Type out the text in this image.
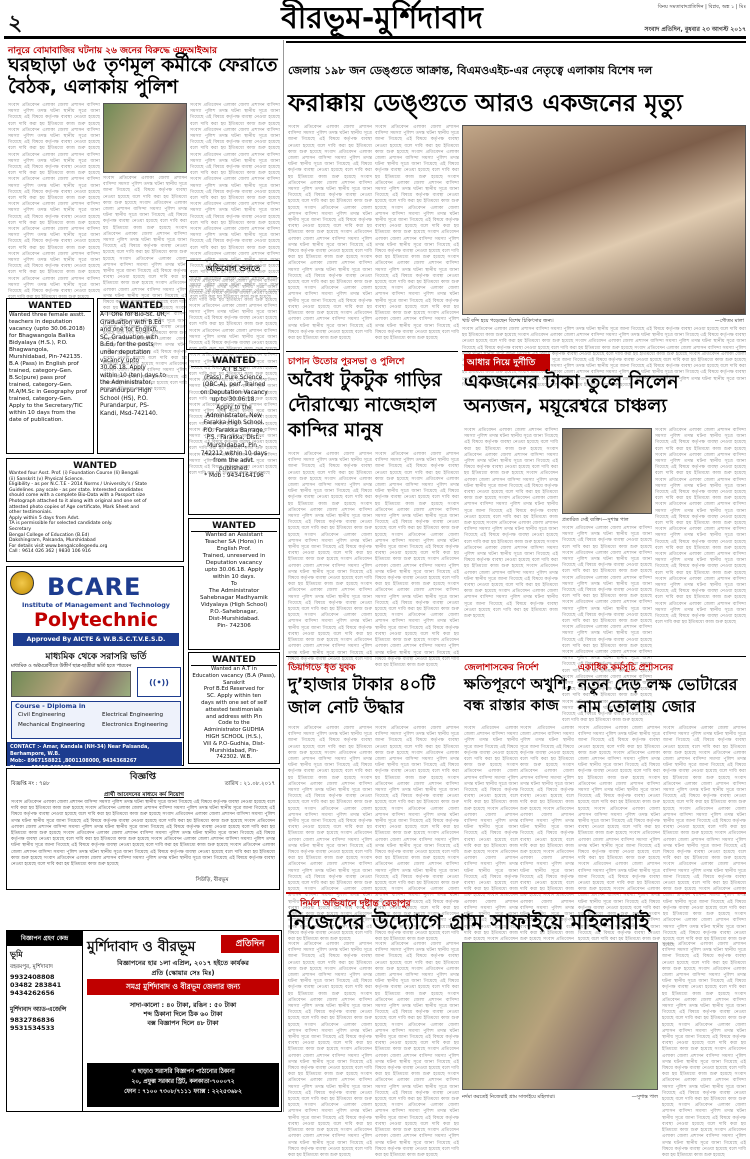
২	বীরভূম-মুর্শিদাবাদ	বিনয় সমতাবাদপ্রতিদিন | বিপ্লব, অঙ্ক ১ | মিঃ
সংবাদ প্রতিদিন, বুধবার ২৩ আগস্ট ২০১৭
নানুরে বোমাবাজির ঘটনায় ২৬ জনের বিরুদ্ধে এফআইআর
ঘরছাড়া ৬৫ তৃণমূল কর্মীকে ফেরাতে বৈঠক, এলাকায় পুলিশ
সংবাদ প্রতিবেদন এলাকা জেলা প্রশাসন বাসিন্দা সমস্যা পুলিশ তদন্ত ঘটনা স্থানীয় সূত্রে জানা গিয়েছে এই বিষয়ে কর্তৃপক্ষ ব্যবস্থা নেওয়া হয়েছে বলে দাবি করা হয় ইতিমধ্যে কাজ শুরু হয়েছে সংবাদ প্রতিবেদন এলাকা জেলা প্রশাসন বাসিন্দা সমস্যা পুলিশ তদন্ত ঘটনা স্থানীয় সূত্রে জানা গিয়েছে এই বিষয়ে কর্তৃপক্ষ ব্যবস্থা নেওয়া হয়েছে বলে দাবি করা হয় ইতিমধ্যে কাজ শুরু হয়েছে সংবাদ প্রতিবেদন এলাকা জেলা প্রশাসন বাসিন্দা সমস্যা পুলিশ তদন্ত ঘটনা স্থানীয় সূত্রে জানা গিয়েছে এই বিষয়ে কর্তৃপক্ষ ব্যবস্থা নেওয়া হয়েছে বলে দাবি করা হয় ইতিমধ্যে কাজ শুরু হয়েছে সংবাদ প্রতিবেদন এলাকা জেলা প্রশাসন বাসিন্দা সমস্যা পুলিশ তদন্ত ঘটনা স্থানীয় সূত্রে জানা গিয়েছে এই বিষয়ে কর্তৃপক্ষ ব্যবস্থা নেওয়া হয়েছে বলে দাবি করা হয় ইতিমধ্যে কাজ শুরু হয়েছে সংবাদ প্রতিবেদন এলাকা জেলা প্রশাসন বাসিন্দা সমস্যা পুলিশ তদন্ত ঘটনা স্থানীয় সূত্রে জানা গিয়েছে এই বিষয়ে কর্তৃপক্ষ ব্যবস্থা নেওয়া হয়েছে বলে দাবি করা হয় ইতিমধ্যে কাজ শুরু হয়েছে সংবাদ প্রতিবেদন এলাকা জেলা প্রশাসন বাসিন্দা সমস্যা পুলিশ তদন্ত ঘটনা স্থানীয় সূত্রে জানা গিয়েছে এই বিষয়ে কর্তৃপক্ষ ব্যবস্থা নেওয়া হয়েছে বলে দাবি করা হয় ইতিমধ্যে কাজ শুরু হয়েছে সংবাদ প্রতিবেদন এলাকা জেলা প্রশাসন বাসিন্দা সমস্যা পুলিশ তদন্ত ঘটনা স্থানীয় সূত্রে জানা গিয়েছে এই বিষয়ে কর্তৃপক্ষ ব্যবস্থা নেওয়া হয়েছে বলে দাবি করা হয় ইতিমধ্যে কাজ শুরু হয়েছে সংবাদ প্রতিবেদন এলাকা জেলা প্রশাসন বাসিন্দা সমস্যা পুলিশ তদন্ত ঘটনা স্থানীয় সূত্রে জানা গিয়েছে এই বিষয়ে কর্তৃপক্ষ ব্যবস্থা নেওয়া হয়েছে বলে দাবি করা হয় ইতিমধ্যে কাজ শুরু হয়েছে
সংবাদ প্রতিবেদন এলাকা জেলা প্রশাসন বাসিন্দা সমস্যা পুলিশ তদন্ত ঘটনা স্থানীয় সূত্রে জানা গিয়েছে এই বিষয়ে কর্তৃপক্ষ ব্যবস্থা নেওয়া হয়েছে বলে দাবি করা হয় ইতিমধ্যে কাজ শুরু হয়েছে সংবাদ প্রতিবেদন এলাকা জেলা প্রশাসন বাসিন্দা সমস্যা পুলিশ তদন্ত ঘটনা স্থানীয় সূত্রে জানা গিয়েছে এই বিষয়ে কর্তৃপক্ষ ব্যবস্থা নেওয়া হয়েছে বলে দাবি করা হয় ইতিমধ্যে কাজ শুরু হয়েছে সংবাদ প্রতিবেদন এলাকা জেলা প্রশাসন বাসিন্দা সমস্যা পুলিশ তদন্ত ঘটনা স্থানীয় সূত্রে জানা গিয়েছে এই বিষয়ে কর্তৃপক্ষ ব্যবস্থা নেওয়া হয়েছে বলে দাবি করা হয় ইতিমধ্যে কাজ শুরু হয়েছে সংবাদ প্রতিবেদন এলাকা জেলা প্রশাসন বাসিন্দা সমস্যা পুলিশ তদন্ত ঘটনা স্থানীয় সূত্রে জানা গিয়েছে এই বিষয়ে কর্তৃপক্ষ ব্যবস্থা নেওয়া হয়েছে বলে দাবি করা হয় ইতিমধ্যে কাজ শুরু হয়েছে সংবাদ প্রতিবেদন এলাকা জেলা প্রশাসন বাসিন্দা সমস্যা পুলিশ তদন্ত ঘটনা স্থানীয় সূত্রে জানা গিয়েছে এই বিষয়ে কর্তৃপক্ষ ব্যবস্থা নেওয়া হয়েছে বলে দাবি করা হয় ইতিমধ্যে কাজ শুরু হয়েছে সংবাদ প্রতিবেদন এলাকা জেলা প্রশাসন বাসিন্দা সমস্যা পুলিশ তদন্ত ঘটনা স্থানীয় সূত্রে জানা গিয়েছে এই বিষয়ে কর্তৃপক্ষ ব্যবস্থা নেওয়া হয়েছে বলে দাবি করা হয় ইতিমধ্যে কাজ শুরু হয়েছে সংবাদ প্রতিবেদন এলাকা জেলা প্রশাসন বাসিন্দা সমস্যা পুলিশ তদন্ত ঘটনা স্থানীয় সূত্রে জানা গিয়েছে এই বিষয়ে কর্তৃপক্ষ ব্যবস্থা নেওয়া হয়েছে বলে দাবি করা হয় ইতিমধ্যে কাজ শুরু হয়েছে সংবাদ প্রতিবেদন এলাকা জেলা প্রশাসন বাসিন্দা সমস্যা পুলিশ তদন্ত ঘটনা স্থানীয় সূত্রে জানা গিয়েছে এই বিষয়ে কর্তৃপক্ষ ব্যবস্থা নেওয়া হয়েছে বলে দাবি করা হয় ইতিমধ্যে কাজ শুরু হয়েছে
সংবাদ প্রতিবেদন এলাকা জেলা প্রশাসন বাসিন্দা সমস্যা পুলিশ তদন্ত ঘটনা স্থানীয় সূত্রে জানা গিয়েছে এই বিষয়ে কর্তৃপক্ষ ব্যবস্থা নেওয়া হয়েছে বলে দাবি করা হয় ইতিমধ্যে কাজ শুরু হয়েছে সংবাদ প্রতিবেদন এলাকা জেলা প্রশাসন বাসিন্দা সমস্যা পুলিশ তদন্ত ঘটনা স্থানীয় সূত্রে জানা গিয়েছে এই বিষয়ে কর্তৃপক্ষ ব্যবস্থা নেওয়া হয়েছে বলে দাবি করা হয় ইতিমধ্যে কাজ শুরু হয়েছে সংবাদ প্রতিবেদন এলাকা জেলা প্রশাসন বাসিন্দা সমস্যা পুলিশ তদন্ত ঘটনা স্থানীয় সূত্রে জানা গিয়েছে এই বিষয়ে কর্তৃপক্ষ ব্যবস্থা নেওয়া হয়েছে বলে দাবি করা হয় ইতিমধ্যে কাজ শুরু হয়েছে সংবাদ প্রতিবেদন এলাকা জেলা প্রশাসন বাসিন্দা সমস্যা পুলিশ তদন্ত ঘটনা স্থানীয় সূত্রে জানা গিয়েছে এই বিষয়ে কর্তৃপক্ষ ব্যবস্থা নেওয়া হয়েছে বলে দাবি করা হয় ইতিমধ্যে কাজ শুরু হয়েছে সংবাদ প্রতিবেদন এলাকা জেলা প্রশাসন বাসিন্দা সমস্যা পুলিশ তদন্ত ঘটনা স্থানীয় সূত্রে জানা গিয়েছে এই বিষয়ে কর্তৃপক্ষ ব্যবস্থা নেওয়া হয়েছে বলে দাবি করা হয় ইতিমধ্যে কাজ শুরু হয়েছে সংবাদ প্রতিবেদন এলাকা জেলা প্রশাসন বাসিন্দা সমস্যা পুলিশ তদন্ত ঘটনা স্থানীয় সূত্রে জানা গিয়েছে এই বিষয়ে কর্তৃপক্ষ ব্যবস্থা নেওয়া হয়েছে বলে দাবি করা হয় ইতিমধ্যে কাজ শুরু হয়েছে সংবাদ প্রতিবেদন এলাকা জেলা প্রশাসন বাসিন্দা সমস্যা পুলিশ তদন্ত ঘটনা স্থানীয় সূত্রে জানা গিয়েছে এই বিষয়ে কর্তৃপক্ষ ব্যবস্থা নেওয়া হয়েছে বলে দাবি করা হয় ইতিমধ্যে কাজ শুরু হয়েছে সংবাদ প্রতিবেদন এলাকা জেলা প্রশাসন বাসিন্দা সমস্যা পুলিশ তদন্ত ঘটনা স্থানীয় সূত্রে জানা গিয়েছে এই বিষয়ে কর্তৃপক্ষ ব্যবস্থা নেওয়া হয়েছে বলে দাবি করা হয় ইতিমধ্যে কাজ শুরু হয়েছে
জেলায় ১৯৮ জন ডেঙ্গুতে আক্রান্ত, বিএমওএইচ-এর নেতৃত্বে এলাকায় বিশেষ দল
ফরাক্কায় ডেঙ্গুতে আরও একজনের মৃত্যু
সংবাদ প্রতিবেদন এলাকা জেলা প্রশাসন বাসিন্দা সমস্যা পুলিশ তদন্ত ঘটনা স্থানীয় সূত্রে জানা গিয়েছে এই বিষয়ে কর্তৃপক্ষ ব্যবস্থা নেওয়া হয়েছে বলে দাবি করা হয় ইতিমধ্যে কাজ শুরু হয়েছে সংবাদ প্রতিবেদন এলাকা জেলা প্রশাসন বাসিন্দা সমস্যা পুলিশ তদন্ত ঘটনা স্থানীয় সূত্রে জানা গিয়েছে এই বিষয়ে কর্তৃপক্ষ ব্যবস্থা নেওয়া হয়েছে বলে দাবি করা হয় ইতিমধ্যে কাজ শুরু হয়েছে সংবাদ প্রতিবেদন এলাকা জেলা প্রশাসন বাসিন্দা সমস্যা পুলিশ তদন্ত ঘটনা স্থানীয় সূত্রে জানা গিয়েছে এই বিষয়ে কর্তৃপক্ষ ব্যবস্থা নেওয়া হয়েছে বলে দাবি করা হয় ইতিমধ্যে কাজ শুরু হয়েছে সংবাদ প্রতিবেদন এলাকা জেলা প্রশাসন বাসিন্দা সমস্যা পুলিশ তদন্ত ঘটনা স্থানীয় সূত্রে জানা গিয়েছে এই বিষয়ে কর্তৃপক্ষ ব্যবস্থা নেওয়া হয়েছে বলে দাবি করা হয় ইতিমধ্যে কাজ শুরু হয়েছে সংবাদ প্রতিবেদন এলাকা জেলা প্রশাসন বাসিন্দা সমস্যা পুলিশ তদন্ত ঘটনা স্থানীয় সূত্রে জানা গিয়েছে এই বিষয়ে কর্তৃপক্ষ ব্যবস্থা নেওয়া হয়েছে বলে দাবি করা হয় ইতিমধ্যে কাজ শুরু হয়েছে সংবাদ প্রতিবেদন এলাকা জেলা প্রশাসন বাসিন্দা সমস্যা পুলিশ তদন্ত ঘটনা স্থানীয় সূত্রে জানা গিয়েছে এই বিষয়ে কর্তৃপক্ষ ব্যবস্থা নেওয়া হয়েছে বলে দাবি করা হয় ইতিমধ্যে কাজ শুরু হয়েছে সংবাদ প্রতিবেদন এলাকা জেলা প্রশাসন বাসিন্দা সমস্যা পুলিশ তদন্ত ঘটনা স্থানীয় সূত্রে জানা গিয়েছে এই বিষয়ে কর্তৃপক্ষ ব্যবস্থা নেওয়া হয়েছে বলে দাবি করা হয় ইতিমধ্যে কাজ শুরু হয়েছে সংবাদ প্রতিবেদন এলাকা জেলা প্রশাসন বাসিন্দা সমস্যা পুলিশ তদন্ত ঘটনা স্থানীয় সূত্রে জানা গিয়েছে এই বিষয়ে কর্তৃপক্ষ ব্যবস্থা নেওয়া হয়েছে বলে দাবি করা হয় ইতিমধ্যে কাজ শুরু হয়েছে
সংবাদ প্রতিবেদন এলাকা জেলা প্রশাসন বাসিন্দা সমস্যা পুলিশ তদন্ত ঘটনা স্থানীয় সূত্রে জানা গিয়েছে এই বিষয়ে কর্তৃপক্ষ ব্যবস্থা নেওয়া হয়েছে বলে দাবি করা হয় ইতিমধ্যে কাজ শুরু হয়েছে সংবাদ প্রতিবেদন এলাকা জেলা প্রশাসন বাসিন্দা সমস্যা পুলিশ তদন্ত ঘটনা স্থানীয় সূত্রে জানা গিয়েছে এই বিষয়ে কর্তৃপক্ষ ব্যবস্থা নেওয়া হয়েছে বলে দাবি করা হয় ইতিমধ্যে কাজ শুরু হয়েছে সংবাদ প্রতিবেদন এলাকা জেলা প্রশাসন বাসিন্দা সমস্যা পুলিশ তদন্ত ঘটনা স্থানীয় সূত্রে জানা গিয়েছে এই বিষয়ে কর্তৃপক্ষ ব্যবস্থা নেওয়া হয়েছে বলে দাবি করা হয় ইতিমধ্যে কাজ শুরু হয়েছে সংবাদ প্রতিবেদন এলাকা জেলা প্রশাসন বাসিন্দা সমস্যা পুলিশ তদন্ত ঘটনা স্থানীয় সূত্রে জানা গিয়েছে এই বিষয়ে কর্তৃপক্ষ ব্যবস্থা নেওয়া হয়েছে বলে দাবি করা হয় ইতিমধ্যে কাজ শুরু হয়েছে সংবাদ প্রতিবেদন এলাকা জেলা প্রশাসন বাসিন্দা সমস্যা পুলিশ তদন্ত ঘটনা স্থানীয় সূত্রে জানা গিয়েছে এই বিষয়ে কর্তৃপক্ষ ব্যবস্থা নেওয়া হয়েছে বলে দাবি করা হয় ইতিমধ্যে কাজ শুরু হয়েছে সংবাদ প্রতিবেদন এলাকা জেলা প্রশাসন বাসিন্দা সমস্যা পুলিশ তদন্ত ঘটনা স্থানীয় সূত্রে জানা গিয়েছে এই বিষয়ে কর্তৃপক্ষ ব্যবস্থা নেওয়া হয়েছে বলে দাবি করা হয় ইতিমধ্যে কাজ শুরু হয়েছে সংবাদ প্রতিবেদন এলাকা জেলা প্রশাসন বাসিন্দা সমস্যা পুলিশ তদন্ত ঘটনা স্থানীয় সূত্রে জানা গিয়েছে এই বিষয়ে কর্তৃপক্ষ ব্যবস্থা নেওয়া হয়েছে বলে দাবি করা হয় ইতিমধ্যে কাজ শুরু হয়েছে সংবাদ প্রতিবেদন এলাকা জেলা প্রশাসন বাসিন্দা সমস্যা পুলিশ তদন্ত ঘটনা স্থানীয় সূত্রে জানা গিয়েছে এই বিষয়ে কর্তৃপক্ষ ব্যবস্থা নেওয়া হয়েছে বলে দাবি করা হয় ইতিমধ্যে কাজ শুরু হয়েছে
খাট বন্দি হয়ে পড়েছেন বিশেষ চিকিৎসার জন্য।	—গৌতম মালা
সংবাদ প্রতিবেদন এলাকা জেলা প্রশাসন বাসিন্দা সমস্যা পুলিশ তদন্ত ঘটনা স্থানীয় সূত্রে জানা গিয়েছে এই বিষয়ে কর্তৃপক্ষ ব্যবস্থা নেওয়া হয়েছে বলে দাবি করা হয় ইতিমধ্যে কাজ শুরু হয়েছে সংবাদ প্রতিবেদন এলাকা জেলা প্রশাসন বাসিন্দা সমস্যা পুলিশ তদন্ত ঘটনা স্থানীয় সূত্রে জানা গিয়েছে এই বিষয়ে কর্তৃপক্ষ ব্যবস্থা নেওয়া হয়েছে বলে দাবি করা হয় ইতিমধ্যে কাজ শুরু হয়েছে সংবাদ প্রতিবেদন এলাকা জেলা প্রশাসন বাসিন্দা সমস্যা পুলিশ তদন্ত ঘটনা স্থানীয় সূত্রে জানা গিয়েছে এই বিষয়ে কর্তৃপক্ষ ব্যবস্থা নেওয়া হয়েছে বলে দাবি করা হয় ইতিমধ্যে কাজ শুরু হয়েছে সংবাদ প্রতিবেদন এলাকা জেলা প্রশাসন বাসিন্দা সমস্যা পুলিশ তদন্ত ঘটনা স্থানীয় সূত্রে জানা গিয়েছে এই বিষয়ে কর্তৃপক্ষ ব্যবস্থা নেওয়া হয়েছে বলে দাবি করা হয় ইতিমধ্যে কাজ শুরু হয়েছে সংবাদ প্রতিবেদন এলাকা জেলা প্রশাসন বাসিন্দা সমস্যা পুলিশ তদন্ত ঘটনা স্থানীয় সূত্রে জানা গিয়েছে এই বিষয়ে কর্তৃপক্ষ ব্যবস্থা নেওয়া হয়েছে বলে দাবি করা হয় ইতিমধ্যে কাজ শুরু হয়েছে সংবাদ প্রতিবেদন এলাকা জেলা প্রশাসন বাসিন্দা সমস্যা পুলিশ তদন্ত ঘটনা স্থানীয় সূত্রে জানা গিয়েছে এই বিষয়ে কর্তৃপক্ষ ব্যবস্থা নেওয়া হয়েছে বলে দাবি করা হয় ইতিমধ্যে কাজ শুরু হয়েছে সংবাদ প্রতিবেদন এলাকা জেলা প্রশাসন বাসিন্দা সমস্যা পুলিশ তদন্ত ঘটনা স্থানীয় সূত্রে জানা গিয়েছে এই বিষয়ে কর্তৃপক্ষ ব্যবস্থা নেওয়া হয়েছে বলে দাবি করা হয় ইতিমধ্যে কাজ শুরু হয়েছে সংবাদ প্রতিবেদন এলাকা জেলা প্রশাসন বাসিন্দা সমস্যা পুলিশ তদন্ত ঘটনা স্থানীয় সূত্রে জানা গিয়েছে এই বিষয়ে কর্তৃপক্ষ ব্যবস্থা নেওয়া হয়েছে বলে দাবি করা হয় ইতিমধ্যে কাজ শুরু হয়েছে
অভিযোগ শুনতে
সংবাদ প্রতিবেদন এলাকা জেলা প্রশাসন বাসিন্দা সমস্যা পুলিশ তদন্ত ঘটনা স্থানীয় সূত্রে জানা গিয়েছে এই বিষয়ে কর্তৃপক্ষ ব্যবস্থা নেওয়া হয়েছে বলে দাবি করা হয় ইতিমধ্যে কাজ শুরু হয়েছে সংবাদ প্রতিবেদন এলাকা জেলা প্রশাসন বাসিন্দা সমস্যা পুলিশ তদন্ত ঘটনা স্থানীয় সূত্রে জানা গিয়েছে এই বিষয়ে কর্তৃপক্ষ ব্যবস্থা নেওয়া হয়েছে বলে দাবি করা হয় ইতিমধ্যে কাজ শুরু হয়েছে সংবাদ প্রতিবেদন এলাকা জেলা প্রশাসন বাসিন্দা সমস্যা পুলিশ তদন্ত ঘটনা স্থানীয় সূত্রে জানা গিয়েছে এই বিষয়ে কর্তৃপক্ষ ব্যবস্থা নেওয়া হয়েছে বলে দাবি করা হয় ইতিমধ্যে কাজ শুরু হয়েছে সংবাদ প্রতিবেদন এলাকা জেলা প্রশাসন বাসিন্দা সমস্যা পুলিশ তদন্ত ঘটনা স্থানীয় সূত্রে জানা গিয়েছে এই বিষয়ে কর্তৃপক্ষ ব্যবস্থা নেওয়া হয়েছে বলে দাবি করা হয় ইতিমধ্যে কাজ শুরু হয়েছে সংবাদ প্রতিবেদন এলাকা জেলা প্রশাসন বাসিন্দা সমস্যা পুলিশ তদন্ত ঘটনা স্থানীয় সূত্রে জানা গিয়েছে এই বিষয়ে কর্তৃপক্ষ ব্যবস্থা নেওয়া হয়েছে বলে দাবি করা হয় ইতিমধ্যে কাজ শুরু হয়েছে সংবাদ প্রতিবেদন এলাকা জেলা প্রশাসন বাসিন্দা সমস্যা পুলিশ তদন্ত ঘটনা স্থানীয় সূত্রে জানা গিয়েছে এই বিষয়ে কর্তৃপক্ষ ব্যবস্থা নেওয়া হয়েছে বলে দাবি করা হয় ইতিমধ্যে কাজ শুরু হয়েছে সংবাদ প্রতিবেদন এলাকা জেলা প্রশাসন বাসিন্দা সমস্যা পুলিশ তদন্ত ঘটনা স্থানীয় সূত্রে জানা গিয়েছে এই বিষয়ে কর্তৃপক্ষ ব্যবস্থা নেওয়া হয়েছে বলে দাবি করা হয় ইতিমধ্যে কাজ শুরু হয়েছে সংবাদ প্রতিবেদন এলাকা জেলা প্রশাসন বাসিন্দা সমস্যা পুলিশ তদন্ত ঘটনা স্থানীয় সূত্রে জানা গিয়েছে এই বিষয়ে কর্তৃপক্ষ ব্যবস্থা নেওয়া হয়েছে বলে দাবি করা হয় ইতিমধ্যে কাজ শুরু হয়েছে
WANTED
Wanted three female asstt.
teachers in deputation
vacancy (upto 30.06.2018)
for Bhagwangola Balika
Bidyalaya (H.S.), P.O.
Bhagwangola,
Murshidabad, Pin-742135.
B.A (Pass) in English prof
trained, category-Gen.
B.Sc(pure) pass prof
trained, category-Gen.
M.A/M.Sc in Geography prof
trained, category-Gen.
Apply to the Secretary/TIC
within 10 days from the
date of publication.
WANTED
A T One for Bio-Sc. UR,
Graduation with B.Ed
and one for English,
SC, Graduation with
B.Ed, for the posts
under deputation
vacancy upto
30.06.18. Apply
within 10 (ten) days to
the Administrator,
Purandurpur High
School (HS), P.O.
Purandarpur, PS-
Kandi, Msd-742140.
WANTED
A.T B.Sc
(Pass), Pure Science,
(OBC-A), perf. Trained
on Deputation Vacancy
up to 30.06.18.
Apply to the
Administrator, New
Farakka High School,
P.O. Farakka Barrage,
P.S.: Farakka, Dist.:
Murshidabad, Pin -
742212 within 10 days
from the advt.
published.
* Mob : 9434164196
WANTED
Wanted four Asst. Prof. (i) Foundation Course (Ii) Bengali
(ii) Sanskrit (v) Physical Science.
Eligibility - as per N.C.T.E - 2014 Norms / University's / State
Guidelines. pay scale - as per state. Interested candidates
should come with a complete Bio-Data with a Passport size
Photograph attached to it along with original and one set of
attested photo copies of Age certificate, Mark Sheet and
other testimonials.
Apply within 5 days from Advt.
TA is permissible for selected candidate only.
Secretary
Bengal College of Education (B.Ed)
Dakshingram, Palsanda, Murshidabad
For details visit www.bengalcollegeedu.org
Call : 9614 026 362 | 9830 106 916
WANTED
Wanted an Assistant
Teacher SA (Hons) in
English Prof.
Trained, unreserved in
Deputation vacancy
upto 30.06.18. Apply
within 10 days.
To
The Administrator
Sahebnagar Madhyamik
Vidyalaya (High School)
P.O.-Sahebnagar,
Dist-Murshidabad.
Pin- 742306
WANTED
Wanted an A.T in
Education vacancy (B.A (Pass), Sanskrit
Prof B.Ed Reserved for
SC. Apply within ten
days with one set of self
attested testimonials
and address with Pin
Code to the
Administrator GUDHIA
HIGH SCHOOL (H.S.),
Vill & P.O-Gudhia, Dist-
Murshidabad, Pin-
742302. W.B.
BCARE
Institute of Management and Technology
Polytechnic
Approved By AICTE & W.B.S.C.T.V.E.S.D.
মাধ্যমিক থেকে সরাসরি ভর্তি
মাধ্যমিক ও অষ্টমশ্রেণীতে উত্তীর্ণ ছাত্র-ছাত্রীরা ভর্তি হতে পারবেন
((•))
Course - Diploma in
Civil Engineering	Electrical Engineering
Mechanical Engineering	Electronics Engineering
CONTACT :- Amar, Kandala (NH-34) Near Palsanda, Berhampore, W.B.
Mob:- 8967158821 ,8001108000, 9434368267  Phone:-03482-262267
বিজ্ঞপ্তি
বিজ্ঞপ্তি নং : ৭৪৮	তারিখ : ২১.০৮.২০১৭
প্রার্থী আবেদনের মাধ্যমে কর্ম নিয়োগ
সংবাদ প্রতিবেদন এলাকা জেলা প্রশাসন বাসিন্দা সমস্যা পুলিশ তদন্ত ঘটনা স্থানীয় সূত্রে জানা গিয়েছে এই বিষয়ে কর্তৃপক্ষ ব্যবস্থা নেওয়া হয়েছে বলে দাবি করা হয় ইতিমধ্যে কাজ শুরু হয়েছে সংবাদ প্রতিবেদন এলাকা জেলা প্রশাসন বাসিন্দা সমস্যা পুলিশ তদন্ত ঘটনা স্থানীয় সূত্রে জানা গিয়েছে এই বিষয়ে কর্তৃপক্ষ ব্যবস্থা নেওয়া হয়েছে বলে দাবি করা হয় ইতিমধ্যে কাজ শুরু হয়েছে সংবাদ প্রতিবেদন এলাকা জেলা প্রশাসন বাসিন্দা সমস্যা পুলিশ তদন্ত ঘটনা স্থানীয় সূত্রে জানা গিয়েছে এই বিষয়ে কর্তৃপক্ষ ব্যবস্থা নেওয়া হয়েছে বলে দাবি করা হয় ইতিমধ্যে কাজ শুরু হয়েছে সংবাদ প্রতিবেদন এলাকা জেলা প্রশাসন বাসিন্দা সমস্যা পুলিশ তদন্ত ঘটনা স্থানীয় সূত্রে জানা গিয়েছে এই বিষয়ে কর্তৃপক্ষ ব্যবস্থা নেওয়া হয়েছে বলে দাবি করা হয় ইতিমধ্যে কাজ শুরু হয়েছে সংবাদ প্রতিবেদন এলাকা জেলা প্রশাসন বাসিন্দা সমস্যা পুলিশ তদন্ত ঘটনা স্থানীয় সূত্রে জানা গিয়েছে এই বিষয়ে কর্তৃপক্ষ ব্যবস্থা নেওয়া হয়েছে বলে দাবি করা হয় ইতিমধ্যে কাজ শুরু হয়েছে সংবাদ প্রতিবেদন এলাকা জেলা প্রশাসন বাসিন্দা সমস্যা পুলিশ তদন্ত ঘটনা স্থানীয় সূত্রে জানা গিয়েছে এই বিষয়ে কর্তৃপক্ষ ব্যবস্থা নেওয়া হয়েছে বলে দাবি করা হয় ইতিমধ্যে কাজ শুরু হয়েছে সংবাদ প্রতিবেদন এলাকা জেলা প্রশাসন বাসিন্দা সমস্যা পুলিশ তদন্ত ঘটনা স্থানীয় সূত্রে জানা গিয়েছে এই বিষয়ে কর্তৃপক্ষ ব্যবস্থা নেওয়া হয়েছে বলে দাবি করা হয় ইতিমধ্যে কাজ শুরু হয়েছে সংবাদ প্রতিবেদন এলাকা জেলা প্রশাসন বাসিন্দা সমস্যা পুলিশ তদন্ত ঘটনা স্থানীয় সূত্রে জানা গিয়েছে এই বিষয়ে কর্তৃপক্ষ ব্যবস্থা নেওয়া হয়েছে বলে দাবি করা হয় ইতিমধ্যে কাজ শুরু হয়েছে
সিউড়ি, বীরভূম
বিজ্ঞাপন গ্রহণ কেন্দ্র
ভূমি
বহরমপুর, মুর্শিদাবাদ
9932408808
03482 283841
9434262656
মুর্শিদাবাদ অ্যাড-এজেন্সি
9832786836
9531534533
মুর্শিদাবাদ ও বীরভূম	প্রতিদিন
বিজ্ঞাপনের হার ১লা এপ্রিল, ২০১৭ হইতে কার্যকর
প্রতি (স্কোয়ার সেঃ মিঃ)
সমগ্র মুর্শিদাবাদ ও বীরভূম জেলার জন্য
সাদা-কালো : ৪০ টাকা, রঙিন : ৫০ টাকা
শব্দ ঠিকানা দিলে ঠিক ৬০ টাকা
বক্স বিজ্ঞাপন দিলে ৪৮ টাকা
এ ছাড়াও সরাসরি বিজ্ঞাপন পাঠানোর ঠিকানা
২০, প্রফুল্ল সরকার স্ট্রিট, কলকাতা-৭০০০৭২
ফোন : ৭১০০ ৭৩০৮/৭১১১ ফ্যাক্স : ২২২৫৩৬৮২
চাপান উতোর পুরসভা ও পুলিশে
অবৈধ টুকটুক গাড়ির দৌরাত্ম্যে নাজেহাল কান্দির মানুষ
সংবাদ প্রতিবেদন এলাকা জেলা প্রশাসন বাসিন্দা সমস্যা পুলিশ তদন্ত ঘটনা স্থানীয় সূত্রে জানা গিয়েছে এই বিষয়ে কর্তৃপক্ষ ব্যবস্থা নেওয়া হয়েছে বলে দাবি করা হয় ইতিমধ্যে কাজ শুরু হয়েছে সংবাদ প্রতিবেদন এলাকা জেলা প্রশাসন বাসিন্দা সমস্যা পুলিশ তদন্ত ঘটনা স্থানীয় সূত্রে জানা গিয়েছে এই বিষয়ে কর্তৃপক্ষ ব্যবস্থা নেওয়া হয়েছে বলে দাবি করা হয় ইতিমধ্যে কাজ শুরু হয়েছে সংবাদ প্রতিবেদন এলাকা জেলা প্রশাসন বাসিন্দা সমস্যা পুলিশ তদন্ত ঘটনা স্থানীয় সূত্রে জানা গিয়েছে এই বিষয়ে কর্তৃপক্ষ ব্যবস্থা নেওয়া হয়েছে বলে দাবি করা হয় ইতিমধ্যে কাজ শুরু হয়েছে সংবাদ প্রতিবেদন এলাকা জেলা প্রশাসন বাসিন্দা সমস্যা পুলিশ তদন্ত ঘটনা স্থানীয় সূত্রে জানা গিয়েছে এই বিষয়ে কর্তৃপক্ষ ব্যবস্থা নেওয়া হয়েছে বলে দাবি করা হয় ইতিমধ্যে কাজ শুরু হয়েছে সংবাদ প্রতিবেদন এলাকা জেলা প্রশাসন বাসিন্দা সমস্যা পুলিশ তদন্ত ঘটনা স্থানীয় সূত্রে জানা গিয়েছে এই বিষয়ে কর্তৃপক্ষ ব্যবস্থা নেওয়া হয়েছে বলে দাবি করা হয় ইতিমধ্যে কাজ শুরু হয়েছে সংবাদ প্রতিবেদন এলাকা জেলা প্রশাসন বাসিন্দা সমস্যা পুলিশ তদন্ত ঘটনা স্থানীয় সূত্রে জানা গিয়েছে এই বিষয়ে কর্তৃপক্ষ ব্যবস্থা নেওয়া হয়েছে বলে দাবি করা হয় ইতিমধ্যে কাজ শুরু হয়েছে সংবাদ প্রতিবেদন এলাকা জেলা প্রশাসন বাসিন্দা সমস্যা পুলিশ তদন্ত ঘটনা স্থানীয় সূত্রে জানা গিয়েছে এই বিষয়ে কর্তৃপক্ষ ব্যবস্থা নেওয়া হয়েছে বলে দাবি করা হয় ইতিমধ্যে কাজ শুরু হয়েছে সংবাদ প্রতিবেদন এলাকা জেলা প্রশাসন বাসিন্দা সমস্যা পুলিশ তদন্ত ঘটনা স্থানীয় সূত্রে জানা গিয়েছে এই বিষয়ে কর্তৃপক্ষ ব্যবস্থা নেওয়া হয়েছে বলে দাবি করা হয় ইতিমধ্যে কাজ শুরু হয়েছে
সংবাদ প্রতিবেদন এলাকা জেলা প্রশাসন বাসিন্দা সমস্যা পুলিশ তদন্ত ঘটনা স্থানীয় সূত্রে জানা গিয়েছে এই বিষয়ে কর্তৃপক্ষ ব্যবস্থা নেওয়া হয়েছে বলে দাবি করা হয় ইতিমধ্যে কাজ শুরু হয়েছে সংবাদ প্রতিবেদন এলাকা জেলা প্রশাসন বাসিন্দা সমস্যা পুলিশ তদন্ত ঘটনা স্থানীয় সূত্রে জানা গিয়েছে এই বিষয়ে কর্তৃপক্ষ ব্যবস্থা নেওয়া হয়েছে বলে দাবি করা হয় ইতিমধ্যে কাজ শুরু হয়েছে সংবাদ প্রতিবেদন এলাকা জেলা প্রশাসন বাসিন্দা সমস্যা পুলিশ তদন্ত ঘটনা স্থানীয় সূত্রে জানা গিয়েছে এই বিষয়ে কর্তৃপক্ষ ব্যবস্থা নেওয়া হয়েছে বলে দাবি করা হয় ইতিমধ্যে কাজ শুরু হয়েছে সংবাদ প্রতিবেদন এলাকা জেলা প্রশাসন বাসিন্দা সমস্যা পুলিশ তদন্ত ঘটনা স্থানীয় সূত্রে জানা গিয়েছে এই বিষয়ে কর্তৃপক্ষ ব্যবস্থা নেওয়া হয়েছে বলে দাবি করা হয় ইতিমধ্যে কাজ শুরু হয়েছে সংবাদ প্রতিবেদন এলাকা জেলা প্রশাসন বাসিন্দা সমস্যা পুলিশ তদন্ত ঘটনা স্থানীয় সূত্রে জানা গিয়েছে এই বিষয়ে কর্তৃপক্ষ ব্যবস্থা নেওয়া হয়েছে বলে দাবি করা হয় ইতিমধ্যে কাজ শুরু হয়েছে সংবাদ প্রতিবেদন এলাকা জেলা প্রশাসন বাসিন্দা সমস্যা পুলিশ তদন্ত ঘটনা স্থানীয় সূত্রে জানা গিয়েছে এই বিষয়ে কর্তৃপক্ষ ব্যবস্থা নেওয়া হয়েছে বলে দাবি করা হয় ইতিমধ্যে কাজ শুরু হয়েছে সংবাদ প্রতিবেদন এলাকা জেলা প্রশাসন বাসিন্দা সমস্যা পুলিশ তদন্ত ঘটনা স্থানীয় সূত্রে জানা গিয়েছে এই বিষয়ে কর্তৃপক্ষ ব্যবস্থা নেওয়া হয়েছে বলে দাবি করা হয় ইতিমধ্যে কাজ শুরু হয়েছে সংবাদ প্রতিবেদন এলাকা জেলা প্রশাসন বাসিন্দা সমস্যা পুলিশ তদন্ত ঘটনা স্থানীয় সূত্রে জানা গিয়েছে এই বিষয়ে কর্তৃপক্ষ ব্যবস্থা নেওয়া হয়েছে বলে দাবি করা হয় ইতিমধ্যে কাজ শুরু হয়েছে
আধার নিয়ে দুর্নীতি
একজনের টাকা তুলে নিলেন অন্যজন, ময়ূরেশ্বরে চাঞ্চল্য
সংবাদ প্রতিবেদন এলাকা জেলা প্রশাসন বাসিন্দা সমস্যা পুলিশ তদন্ত ঘটনা স্থানীয় সূত্রে জানা গিয়েছে এই বিষয়ে কর্তৃপক্ষ ব্যবস্থা নেওয়া হয়েছে বলে দাবি করা হয় ইতিমধ্যে কাজ শুরু হয়েছে সংবাদ প্রতিবেদন এলাকা জেলা প্রশাসন বাসিন্দা সমস্যা পুলিশ তদন্ত ঘটনা স্থানীয় সূত্রে জানা গিয়েছে এই বিষয়ে কর্তৃপক্ষ ব্যবস্থা নেওয়া হয়েছে বলে দাবি করা হয় ইতিমধ্যে কাজ শুরু হয়েছে সংবাদ প্রতিবেদন এলাকা জেলা প্রশাসন বাসিন্দা সমস্যা পুলিশ তদন্ত ঘটনা স্থানীয় সূত্রে জানা গিয়েছে এই বিষয়ে কর্তৃপক্ষ ব্যবস্থা নেওয়া হয়েছে বলে দাবি করা হয় ইতিমধ্যে কাজ শুরু হয়েছে সংবাদ প্রতিবেদন এলাকা জেলা প্রশাসন বাসিন্দা সমস্যা পুলিশ তদন্ত ঘটনা স্থানীয় সূত্রে জানা গিয়েছে এই বিষয়ে কর্তৃপক্ষ ব্যবস্থা নেওয়া হয়েছে বলে দাবি করা হয় ইতিমধ্যে কাজ শুরু হয়েছে সংবাদ প্রতিবেদন এলাকা জেলা প্রশাসন বাসিন্দা সমস্যা পুলিশ তদন্ত ঘটনা স্থানীয় সূত্রে জানা গিয়েছে এই বিষয়ে কর্তৃপক্ষ ব্যবস্থা নেওয়া হয়েছে বলে দাবি করা হয় ইতিমধ্যে কাজ শুরু হয়েছে সংবাদ প্রতিবেদন এলাকা জেলা প্রশাসন বাসিন্দা সমস্যা পুলিশ তদন্ত ঘটনা স্থানীয় সূত্রে জানা গিয়েছে এই বিষয়ে কর্তৃপক্ষ ব্যবস্থা নেওয়া হয়েছে বলে দাবি করা হয় ইতিমধ্যে কাজ শুরু হয়েছে সংবাদ প্রতিবেদন এলাকা জেলা প্রশাসন বাসিন্দা সমস্যা পুলিশ তদন্ত ঘটনা স্থানীয় সূত্রে জানা গিয়েছে এই বিষয়ে কর্তৃপক্ষ ব্যবস্থা নেওয়া হয়েছে বলে দাবি করা হয় ইতিমধ্যে কাজ শুরু হয়েছে সংবাদ প্রতিবেদন এলাকা জেলা প্রশাসন বাসিন্দা সমস্যা পুলিশ তদন্ত ঘটনা স্থানীয় সূত্রে জানা গিয়েছে এই বিষয়ে কর্তৃপক্ষ ব্যবস্থা নেওয়া হয়েছে বলে দাবি করা হয় ইতিমধ্যে কাজ শুরু হয়েছে
প্রতারিত সেই ব্যক্তি।—সুশান্ত পাল
সংবাদ প্রতিবেদন এলাকা জেলা প্রশাসন বাসিন্দা সমস্যা পুলিশ তদন্ত ঘটনা স্থানীয় সূত্রে জানা গিয়েছে এই বিষয়ে কর্তৃপক্ষ ব্যবস্থা নেওয়া হয়েছে বলে দাবি করা হয় ইতিমধ্যে কাজ শুরু হয়েছে সংবাদ প্রতিবেদন এলাকা জেলা প্রশাসন বাসিন্দা সমস্যা পুলিশ তদন্ত ঘটনা স্থানীয় সূত্রে জানা গিয়েছে এই বিষয়ে কর্তৃপক্ষ ব্যবস্থা নেওয়া হয়েছে বলে দাবি করা হয় ইতিমধ্যে কাজ শুরু হয়েছে সংবাদ প্রতিবেদন এলাকা জেলা প্রশাসন বাসিন্দা সমস্যা পুলিশ তদন্ত ঘটনা স্থানীয় সূত্রে জানা গিয়েছে এই বিষয়ে কর্তৃপক্ষ ব্যবস্থা নেওয়া হয়েছে বলে দাবি করা হয় ইতিমধ্যে কাজ শুরু হয়েছে সংবাদ প্রতিবেদন এলাকা জেলা প্রশাসন বাসিন্দা সমস্যা পুলিশ তদন্ত ঘটনা স্থানীয় সূত্রে জানা গিয়েছে এই বিষয়ে কর্তৃপক্ষ ব্যবস্থা নেওয়া হয়েছে বলে দাবি করা হয় ইতিমধ্যে কাজ শুরু হয়েছে সংবাদ প্রতিবেদন এলাকা জেলা প্রশাসন বাসিন্দা সমস্যা পুলিশ তদন্ত ঘটনা স্থানীয় সূত্রে জানা গিয়েছে এই বিষয়ে কর্তৃপক্ষ ব্যবস্থা নেওয়া হয়েছে বলে দাবি করা হয় ইতিমধ্যে কাজ শুরু হয়েছে সংবাদ প্রতিবেদন এলাকা জেলা প্রশাসন বাসিন্দা সমস্যা পুলিশ তদন্ত ঘটনা স্থানীয় সূত্রে জানা গিয়েছে এই বিষয়ে কর্তৃপক্ষ ব্যবস্থা নেওয়া হয়েছে বলে দাবি করা হয় ইতিমধ্যে কাজ শুরু হয়েছে সংবাদ প্রতিবেদন এলাকা জেলা প্রশাসন বাসিন্দা সমস্যা পুলিশ তদন্ত ঘটনা স্থানীয় সূত্রে জানা গিয়েছে এই বিষয়ে কর্তৃপক্ষ ব্যবস্থা নেওয়া হয়েছে বলে দাবি করা হয় ইতিমধ্যে কাজ শুরু হয়েছে সংবাদ প্রতিবেদন এলাকা জেলা প্রশাসন বাসিন্দা সমস্যা পুলিশ তদন্ত ঘটনা স্থানীয় সূত্রে জানা গিয়েছে এই বিষয়ে কর্তৃপক্ষ ব্যবস্থা নেওয়া হয়েছে বলে দাবি করা হয় ইতিমধ্যে কাজ শুরু হয়েছে
সংবাদ প্রতিবেদন এলাকা জেলা প্রশাসন বাসিন্দা সমস্যা পুলিশ তদন্ত ঘটনা স্থানীয় সূত্রে জানা গিয়েছে এই বিষয়ে কর্তৃপক্ষ ব্যবস্থা নেওয়া হয়েছে বলে দাবি করা হয় ইতিমধ্যে কাজ শুরু হয়েছে সংবাদ প্রতিবেদন এলাকা জেলা প্রশাসন বাসিন্দা সমস্যা পুলিশ তদন্ত ঘটনা স্থানীয় সূত্রে জানা গিয়েছে এই বিষয়ে কর্তৃপক্ষ ব্যবস্থা নেওয়া হয়েছে বলে দাবি করা হয় ইতিমধ্যে কাজ শুরু হয়েছে সংবাদ প্রতিবেদন এলাকা জেলা প্রশাসন বাসিন্দা সমস্যা পুলিশ তদন্ত ঘটনা স্থানীয় সূত্রে জানা গিয়েছে এই বিষয়ে কর্তৃপক্ষ ব্যবস্থা নেওয়া হয়েছে বলে দাবি করা হয় ইতিমধ্যে কাজ শুরু হয়েছে সংবাদ প্রতিবেদন এলাকা জেলা প্রশাসন বাসিন্দা সমস্যা পুলিশ তদন্ত ঘটনা স্থানীয় সূত্রে জানা গিয়েছে এই বিষয়ে কর্তৃপক্ষ ব্যবস্থা নেওয়া হয়েছে বলে দাবি করা হয় ইতিমধ্যে কাজ শুরু হয়েছে সংবাদ প্রতিবেদন এলাকা জেলা প্রশাসন বাসিন্দা সমস্যা পুলিশ তদন্ত ঘটনা স্থানীয় সূত্রে জানা গিয়েছে এই বিষয়ে কর্তৃপক্ষ ব্যবস্থা নেওয়া হয়েছে বলে দাবি করা হয় ইতিমধ্যে কাজ শুরু হয়েছে সংবাদ প্রতিবেদন এলাকা জেলা প্রশাসন বাসিন্দা সমস্যা পুলিশ তদন্ত ঘটনা স্থানীয় সূত্রে জানা গিয়েছে এই বিষয়ে কর্তৃপক্ষ ব্যবস্থা নেওয়া হয়েছে বলে দাবি করা হয় ইতিমধ্যে কাজ শুরু হয়েছে সংবাদ প্রতিবেদন এলাকা জেলা প্রশাসন বাসিন্দা সমস্যা পুলিশ তদন্ত ঘটনা স্থানীয় সূত্রে জানা গিয়েছে এই বিষয়ে কর্তৃপক্ষ ব্যবস্থা নেওয়া হয়েছে বলে দাবি করা হয় ইতিমধ্যে কাজ শুরু হয়েছে সংবাদ প্রতিবেদন এলাকা জেলা প্রশাসন বাসিন্দা সমস্যা পুলিশ তদন্ত ঘটনা স্থানীয় সূত্রে জানা গিয়েছে এই বিষয়ে কর্তৃপক্ষ ব্যবস্থা নেওয়া হয়েছে বলে দাবি করা হয় ইতিমধ্যে কাজ শুরু হয়েছে
ডিয়াগড়ে ধৃত যুবক
দু’হাজার টাকার ৪০টি জাল নোট উদ্ধার
সংবাদ প্রতিবেদন এলাকা জেলা প্রশাসন বাসিন্দা সমস্যা পুলিশ তদন্ত ঘটনা স্থানীয় সূত্রে জানা গিয়েছে এই বিষয়ে কর্তৃপক্ষ ব্যবস্থা নেওয়া হয়েছে বলে দাবি করা হয় ইতিমধ্যে কাজ শুরু হয়েছে সংবাদ প্রতিবেদন এলাকা জেলা প্রশাসন বাসিন্দা সমস্যা পুলিশ তদন্ত ঘটনা স্থানীয় সূত্রে জানা গিয়েছে এই বিষয়ে কর্তৃপক্ষ ব্যবস্থা নেওয়া হয়েছে বলে দাবি করা হয় ইতিমধ্যে কাজ শুরু হয়েছে সংবাদ প্রতিবেদন এলাকা জেলা প্রশাসন বাসিন্দা সমস্যা পুলিশ তদন্ত ঘটনা স্থানীয় সূত্রে জানা গিয়েছে এই বিষয়ে কর্তৃপক্ষ ব্যবস্থা নেওয়া হয়েছে বলে দাবি করা হয় ইতিমধ্যে কাজ শুরু হয়েছে সংবাদ প্রতিবেদন এলাকা জেলা প্রশাসন বাসিন্দা সমস্যা পুলিশ তদন্ত ঘটনা স্থানীয় সূত্রে জানা গিয়েছে এই বিষয়ে কর্তৃপক্ষ ব্যবস্থা নেওয়া হয়েছে বলে দাবি করা হয় ইতিমধ্যে কাজ শুরু হয়েছে সংবাদ প্রতিবেদন এলাকা জেলা প্রশাসন বাসিন্দা সমস্যা পুলিশ তদন্ত ঘটনা স্থানীয় সূত্রে জানা গিয়েছে এই বিষয়ে কর্তৃপক্ষ ব্যবস্থা নেওয়া হয়েছে বলে দাবি করা হয় ইতিমধ্যে কাজ শুরু হয়েছে সংবাদ প্রতিবেদন এলাকা জেলা প্রশাসন বাসিন্দা সমস্যা পুলিশ তদন্ত ঘটনা স্থানীয় সূত্রে জানা গিয়েছে এই বিষয়ে কর্তৃপক্ষ ব্যবস্থা নেওয়া হয়েছে বলে দাবি করা হয় ইতিমধ্যে কাজ শুরু হয়েছে সংবাদ প্রতিবেদন এলাকা জেলা প্রশাসন বাসিন্দা সমস্যা পুলিশ তদন্ত ঘটনা স্থানীয় সূত্রে জানা গিয়েছে এই বিষয়ে কর্তৃপক্ষ ব্যবস্থা নেওয়া হয়েছে বলে দাবি করা হয় ইতিমধ্যে কাজ শুরু হয়েছে সংবাদ প্রতিবেদন এলাকা জেলা প্রশাসন বাসিন্দা সমস্যা পুলিশ তদন্ত ঘটনা স্থানীয় সূত্রে জানা গিয়েছে এই বিষয়ে কর্তৃপক্ষ ব্যবস্থা নেওয়া হয়েছে বলে দাবি করা হয় ইতিমধ্যে কাজ শুরু হয়েছে
সংবাদ প্রতিবেদন এলাকা জেলা প্রশাসন বাসিন্দা সমস্যা পুলিশ তদন্ত ঘটনা স্থানীয় সূত্রে জানা গিয়েছে এই বিষয়ে কর্তৃপক্ষ ব্যবস্থা নেওয়া হয়েছে বলে দাবি করা হয় ইতিমধ্যে কাজ শুরু হয়েছে সংবাদ প্রতিবেদন এলাকা জেলা প্রশাসন বাসিন্দা সমস্যা পুলিশ তদন্ত ঘটনা স্থানীয় সূত্রে জানা গিয়েছে এই বিষয়ে কর্তৃপক্ষ ব্যবস্থা নেওয়া হয়েছে বলে দাবি করা হয় ইতিমধ্যে কাজ শুরু হয়েছে সংবাদ প্রতিবেদন এলাকা জেলা প্রশাসন বাসিন্দা সমস্যা পুলিশ তদন্ত ঘটনা স্থানীয় সূত্রে জানা গিয়েছে এই বিষয়ে কর্তৃপক্ষ ব্যবস্থা নেওয়া হয়েছে বলে দাবি করা হয় ইতিমধ্যে কাজ শুরু হয়েছে সংবাদ প্রতিবেদন এলাকা জেলা প্রশাসন বাসিন্দা সমস্যা পুলিশ তদন্ত ঘটনা স্থানীয় সূত্রে জানা গিয়েছে এই বিষয়ে কর্তৃপক্ষ ব্যবস্থা নেওয়া হয়েছে বলে দাবি করা হয় ইতিমধ্যে কাজ শুরু হয়েছে সংবাদ প্রতিবেদন এলাকা জেলা প্রশাসন বাসিন্দা সমস্যা পুলিশ তদন্ত ঘটনা স্থানীয় সূত্রে জানা গিয়েছে এই বিষয়ে কর্তৃপক্ষ ব্যবস্থা নেওয়া হয়েছে বলে দাবি করা হয় ইতিমধ্যে কাজ শুরু হয়েছে সংবাদ প্রতিবেদন এলাকা জেলা প্রশাসন বাসিন্দা সমস্যা পুলিশ তদন্ত ঘটনা স্থানীয় সূত্রে জানা গিয়েছে এই বিষয়ে কর্তৃপক্ষ ব্যবস্থা নেওয়া হয়েছে বলে দাবি করা হয় ইতিমধ্যে কাজ শুরু হয়েছে সংবাদ প্রতিবেদন এলাকা জেলা প্রশাসন বাসিন্দা সমস্যা পুলিশ তদন্ত ঘটনা স্থানীয় সূত্রে জানা গিয়েছে এই বিষয়ে কর্তৃপক্ষ ব্যবস্থা নেওয়া হয়েছে বলে দাবি করা হয় ইতিমধ্যে কাজ শুরু হয়েছে সংবাদ প্রতিবেদন এলাকা জেলা প্রশাসন বাসিন্দা সমস্যা পুলিশ তদন্ত ঘটনা স্থানীয় সূত্রে জানা গিয়েছে এই বিষয়ে কর্তৃপক্ষ ব্যবস্থা নেওয়া হয়েছে বলে দাবি করা হয় ইতিমধ্যে কাজ শুরু হয়েছে
জেলাশাসকের নির্দেশ
ক্ষতিপূরণে অখুশি, বন্ধ রাস্তার কাজ
সংবাদ প্রতিবেদন এলাকা জেলা প্রশাসন বাসিন্দা সমস্যা পুলিশ তদন্ত ঘটনা স্থানীয় সূত্রে জানা গিয়েছে এই বিষয়ে কর্তৃপক্ষ ব্যবস্থা নেওয়া হয়েছে বলে দাবি করা হয় ইতিমধ্যে কাজ শুরু হয়েছে সংবাদ প্রতিবেদন এলাকা জেলা প্রশাসন বাসিন্দা সমস্যা পুলিশ তদন্ত ঘটনা স্থানীয় সূত্রে জানা গিয়েছে এই বিষয়ে কর্তৃপক্ষ ব্যবস্থা নেওয়া হয়েছে বলে দাবি করা হয় ইতিমধ্যে কাজ শুরু হয়েছে সংবাদ প্রতিবেদন এলাকা জেলা প্রশাসন বাসিন্দা সমস্যা পুলিশ তদন্ত ঘটনা স্থানীয় সূত্রে জানা গিয়েছে এই বিষয়ে কর্তৃপক্ষ ব্যবস্থা নেওয়া হয়েছে বলে দাবি করা হয় ইতিমধ্যে কাজ শুরু হয়েছে সংবাদ প্রতিবেদন এলাকা জেলা প্রশাসন বাসিন্দা সমস্যা পুলিশ তদন্ত ঘটনা স্থানীয় সূত্রে জানা গিয়েছে এই বিষয়ে কর্তৃপক্ষ ব্যবস্থা নেওয়া হয়েছে বলে দাবি করা হয় ইতিমধ্যে কাজ শুরু হয়েছে সংবাদ প্রতিবেদন এলাকা জেলা প্রশাসন বাসিন্দা সমস্যা পুলিশ তদন্ত ঘটনা স্থানীয় সূত্রে জানা গিয়েছে এই বিষয়ে কর্তৃপক্ষ ব্যবস্থা নেওয়া হয়েছে বলে দাবি করা হয় ইতিমধ্যে কাজ শুরু হয়েছে সংবাদ প্রতিবেদন এলাকা জেলা প্রশাসন বাসিন্দা সমস্যা পুলিশ তদন্ত ঘটনা স্থানীয় সূত্রে জানা গিয়েছে এই বিষয়ে কর্তৃপক্ষ ব্যবস্থা নেওয়া হয়েছে বলে দাবি করা হয় ইতিমধ্যে কাজ শুরু হয়েছে সংবাদ প্রতিবেদন এলাকা জেলা প্রশাসন বাসিন্দা সমস্যা পুলিশ তদন্ত ঘটনা স্থানীয় সূত্রে জানা গিয়েছে এই বিষয়ে কর্তৃপক্ষ ব্যবস্থা নেওয়া হয়েছে বলে দাবি করা হয় ইতিমধ্যে কাজ শুরু হয়েছে সংবাদ প্রতিবেদন এলাকা জেলা প্রশাসন বাসিন্দা সমস্যা পুলিশ তদন্ত ঘটনা স্থানীয় সূত্রে জানা গিয়েছে এই বিষয়ে কর্তৃপক্ষ ব্যবস্থা নেওয়া হয়েছে বলে দাবি করা হয় ইতিমধ্যে কাজ শুরু হয়েছে
সংবাদ প্রতিবেদন এলাকা জেলা প্রশাসন বাসিন্দা সমস্যা পুলিশ তদন্ত ঘটনা স্থানীয় সূত্রে জানা গিয়েছে এই বিষয়ে কর্তৃপক্ষ ব্যবস্থা নেওয়া হয়েছে বলে দাবি করা হয় ইতিমধ্যে কাজ শুরু হয়েছে সংবাদ প্রতিবেদন এলাকা জেলা প্রশাসন বাসিন্দা সমস্যা পুলিশ তদন্ত ঘটনা স্থানীয় সূত্রে জানা গিয়েছে এই বিষয়ে কর্তৃপক্ষ ব্যবস্থা নেওয়া হয়েছে বলে দাবি করা হয় ইতিমধ্যে কাজ শুরু হয়েছে সংবাদ প্রতিবেদন এলাকা জেলা প্রশাসন বাসিন্দা সমস্যা পুলিশ তদন্ত ঘটনা স্থানীয় সূত্রে জানা গিয়েছে এই বিষয়ে কর্তৃপক্ষ ব্যবস্থা নেওয়া হয়েছে বলে দাবি করা হয় ইতিমধ্যে কাজ শুরু হয়েছে সংবাদ প্রতিবেদন এলাকা জেলা প্রশাসন বাসিন্দা সমস্যা পুলিশ তদন্ত ঘটনা স্থানীয় সূত্রে জানা গিয়েছে এই বিষয়ে কর্তৃপক্ষ ব্যবস্থা নেওয়া হয়েছে বলে দাবি করা হয় ইতিমধ্যে কাজ শুরু হয়েছে সংবাদ প্রতিবেদন এলাকা জেলা প্রশাসন বাসিন্দা সমস্যা পুলিশ তদন্ত ঘটনা স্থানীয় সূত্রে জানা গিয়েছে এই বিষয়ে কর্তৃপক্ষ ব্যবস্থা নেওয়া হয়েছে বলে দাবি করা হয় ইতিমধ্যে কাজ শুরু হয়েছে সংবাদ প্রতিবেদন এলাকা জেলা প্রশাসন বাসিন্দা সমস্যা পুলিশ তদন্ত ঘটনা স্থানীয় সূত্রে জানা গিয়েছে এই বিষয়ে কর্তৃপক্ষ ব্যবস্থা নেওয়া হয়েছে বলে দাবি করা হয় ইতিমধ্যে কাজ শুরু হয়েছে সংবাদ প্রতিবেদন এলাকা জেলা প্রশাসন বাসিন্দা সমস্যা পুলিশ তদন্ত ঘটনা স্থানীয় সূত্রে জানা গিয়েছে এই বিষয়ে কর্তৃপক্ষ ব্যবস্থা নেওয়া হয়েছে বলে দাবি করা হয় ইতিমধ্যে কাজ শুরু হয়েছে সংবাদ প্রতিবেদন এলাকা জেলা প্রশাসন বাসিন্দা সমস্যা পুলিশ তদন্ত ঘটনা স্থানীয় সূত্রে জানা গিয়েছে এই বিষয়ে কর্তৃপক্ষ ব্যবস্থা নেওয়া হয়েছে বলে দাবি করা হয় ইতিমধ্যে কাজ শুরু হয়েছে
একাধিক কর্মসূচি প্রশাসনের
নতুন দেড় লক্ষ ভোটারের নাম তোলায় জোর
সংবাদ প্রতিবেদন এলাকা জেলা প্রশাসন বাসিন্দা সমস্যা পুলিশ তদন্ত ঘটনা স্থানীয় সূত্রে জানা গিয়েছে এই বিষয়ে কর্তৃপক্ষ ব্যবস্থা নেওয়া হয়েছে বলে দাবি করা হয় ইতিমধ্যে কাজ শুরু হয়েছে সংবাদ প্রতিবেদন এলাকা জেলা প্রশাসন বাসিন্দা সমস্যা পুলিশ তদন্ত ঘটনা স্থানীয় সূত্রে জানা গিয়েছে এই বিষয়ে কর্তৃপক্ষ ব্যবস্থা নেওয়া হয়েছে বলে দাবি করা হয় ইতিমধ্যে কাজ শুরু হয়েছে সংবাদ প্রতিবেদন এলাকা জেলা প্রশাসন বাসিন্দা সমস্যা পুলিশ তদন্ত ঘটনা স্থানীয় সূত্রে জানা গিয়েছে এই বিষয়ে কর্তৃপক্ষ ব্যবস্থা নেওয়া হয়েছে বলে দাবি করা হয় ইতিমধ্যে কাজ শুরু হয়েছে সংবাদ প্রতিবেদন এলাকা জেলা প্রশাসন বাসিন্দা সমস্যা পুলিশ তদন্ত ঘটনা স্থানীয় সূত্রে জানা গিয়েছে এই বিষয়ে কর্তৃপক্ষ ব্যবস্থা নেওয়া হয়েছে বলে দাবি করা হয় ইতিমধ্যে কাজ শুরু হয়েছে সংবাদ প্রতিবেদন এলাকা জেলা প্রশাসন বাসিন্দা সমস্যা পুলিশ তদন্ত ঘটনা স্থানীয় সূত্রে জানা গিয়েছে এই বিষয়ে কর্তৃপক্ষ ব্যবস্থা নেওয়া হয়েছে বলে দাবি করা হয় ইতিমধ্যে কাজ শুরু হয়েছে সংবাদ প্রতিবেদন এলাকা জেলা প্রশাসন বাসিন্দা সমস্যা পুলিশ তদন্ত ঘটনা স্থানীয় সূত্রে জানা গিয়েছে এই বিষয়ে কর্তৃপক্ষ ব্যবস্থা নেওয়া হয়েছে বলে দাবি করা হয় ইতিমধ্যে কাজ শুরু হয়েছে সংবাদ প্রতিবেদন এলাকা জেলা প্রশাসন বাসিন্দা সমস্যা পুলিশ তদন্ত ঘটনা স্থানীয় সূত্রে জানা গিয়েছে এই বিষয়ে কর্তৃপক্ষ ব্যবস্থা নেওয়া হয়েছে বলে দাবি করা হয় ইতিমধ্যে কাজ শুরু হয়েছে সংবাদ প্রতিবেদন এলাকা জেলা প্রশাসন বাসিন্দা সমস্যা পুলিশ তদন্ত ঘটনা স্থানীয় সূত্রে জানা গিয়েছে এই বিষয়ে কর্তৃপক্ষ ব্যবস্থা নেওয়া হয়েছে বলে দাবি করা হয় ইতিমধ্যে কাজ শুরু হয়েছে
সংবাদ প্রতিবেদন এলাকা জেলা প্রশাসন বাসিন্দা সমস্যা পুলিশ তদন্ত ঘটনা স্থানীয় সূত্রে জানা গিয়েছে এই বিষয়ে কর্তৃপক্ষ ব্যবস্থা নেওয়া হয়েছে বলে দাবি করা হয় ইতিমধ্যে কাজ শুরু হয়েছে সংবাদ প্রতিবেদন এলাকা জেলা প্রশাসন বাসিন্দা সমস্যা পুলিশ তদন্ত ঘটনা স্থানীয় সূত্রে জানা গিয়েছে এই বিষয়ে কর্তৃপক্ষ ব্যবস্থা নেওয়া হয়েছে বলে দাবি করা হয় ইতিমধ্যে কাজ শুরু হয়েছে সংবাদ প্রতিবেদন এলাকা জেলা প্রশাসন বাসিন্দা সমস্যা পুলিশ তদন্ত ঘটনা স্থানীয় সূত্রে জানা গিয়েছে এই বিষয়ে কর্তৃপক্ষ ব্যবস্থা নেওয়া হয়েছে বলে দাবি করা হয় ইতিমধ্যে কাজ শুরু হয়েছে সংবাদ প্রতিবেদন এলাকা জেলা প্রশাসন বাসিন্দা সমস্যা পুলিশ তদন্ত ঘটনা স্থানীয় সূত্রে জানা গিয়েছে এই বিষয়ে কর্তৃপক্ষ ব্যবস্থা নেওয়া হয়েছে বলে দাবি করা হয় ইতিমধ্যে কাজ শুরু হয়েছে সংবাদ প্রতিবেদন এলাকা জেলা প্রশাসন বাসিন্দা সমস্যা পুলিশ তদন্ত ঘটনা স্থানীয় সূত্রে জানা গিয়েছে এই বিষয়ে কর্তৃপক্ষ ব্যবস্থা নেওয়া হয়েছে বলে দাবি করা হয় ইতিমধ্যে কাজ শুরু হয়েছে সংবাদ প্রতিবেদন এলাকা জেলা প্রশাসন বাসিন্দা সমস্যা পুলিশ তদন্ত ঘটনা স্থানীয় সূত্রে জানা গিয়েছে এই বিষয়ে কর্তৃপক্ষ ব্যবস্থা নেওয়া হয়েছে বলে দাবি করা হয় ইতিমধ্যে কাজ শুরু হয়েছে সংবাদ প্রতিবেদন এলাকা জেলা প্রশাসন বাসিন্দা সমস্যা পুলিশ তদন্ত ঘটনা স্থানীয় সূত্রে জানা গিয়েছে এই বিষয়ে কর্তৃপক্ষ ব্যবস্থা নেওয়া হয়েছে বলে দাবি করা হয় ইতিমধ্যে কাজ শুরু হয়েছে সংবাদ প্রতিবেদন এলাকা জেলা প্রশাসন বাসিন্দা সমস্যা পুলিশ তদন্ত ঘটনা স্থানীয় সূত্রে জানা গিয়েছে এই বিষয়ে কর্তৃপক্ষ ব্যবস্থা নেওয়া হয়েছে বলে দাবি করা হয় ইতিমধ্যে কাজ শুরু হয়েছে
নির্মল অভিযানে দৃষ্টান্ত রেড়াপুর
নিজেদের উদ্যোগে গ্রাম সাফাইয়ে মহিলারাই
সংবাদ প্রতিবেদন এলাকা জেলা প্রশাসন বাসিন্দা সমস্যা পুলিশ তদন্ত ঘটনা স্থানীয় সূত্রে জানা গিয়েছে এই বিষয়ে কর্তৃপক্ষ ব্যবস্থা নেওয়া হয়েছে বলে দাবি করা হয় ইতিমধ্যে কাজ শুরু হয়েছে সংবাদ প্রতিবেদন এলাকা জেলা প্রশাসন বাসিন্দা সমস্যা পুলিশ তদন্ত ঘটনা স্থানীয় সূত্রে জানা গিয়েছে এই বিষয়ে কর্তৃপক্ষ ব্যবস্থা নেওয়া হয়েছে বলে দাবি করা হয় ইতিমধ্যে কাজ শুরু হয়েছে সংবাদ প্রতিবেদন এলাকা জেলা প্রশাসন বাসিন্দা সমস্যা পুলিশ তদন্ত ঘটনা স্থানীয় সূত্রে জানা গিয়েছে এই বিষয়ে কর্তৃপক্ষ ব্যবস্থা নেওয়া হয়েছে বলে দাবি করা হয় ইতিমধ্যে কাজ শুরু হয়েছে সংবাদ প্রতিবেদন এলাকা জেলা প্রশাসন বাসিন্দা সমস্যা পুলিশ তদন্ত ঘটনা স্থানীয় সূত্রে জানা গিয়েছে এই বিষয়ে কর্তৃপক্ষ ব্যবস্থা নেওয়া হয়েছে বলে দাবি করা হয় ইতিমধ্যে কাজ শুরু হয়েছে সংবাদ প্রতিবেদন এলাকা জেলা প্রশাসন বাসিন্দা সমস্যা পুলিশ তদন্ত ঘটনা স্থানীয় সূত্রে জানা গিয়েছে এই বিষয়ে কর্তৃপক্ষ ব্যবস্থা নেওয়া হয়েছে বলে দাবি করা হয় ইতিমধ্যে কাজ শুরু হয়েছে সংবাদ প্রতিবেদন এলাকা জেলা প্রশাসন বাসিন্দা সমস্যা পুলিশ তদন্ত ঘটনা স্থানীয় সূত্রে জানা গিয়েছে এই বিষয়ে কর্তৃপক্ষ ব্যবস্থা নেওয়া হয়েছে বলে দাবি করা হয় ইতিমধ্যে কাজ শুরু হয়েছে সংবাদ প্রতিবেদন এলাকা জেলা প্রশাসন বাসিন্দা সমস্যা পুলিশ তদন্ত ঘটনা স্থানীয় সূত্রে জানা গিয়েছে এই বিষয়ে কর্তৃপক্ষ ব্যবস্থা নেওয়া হয়েছে বলে দাবি করা হয় ইতিমধ্যে কাজ শুরু হয়েছে সংবাদ প্রতিবেদন এলাকা জেলা প্রশাসন বাসিন্দা সমস্যা পুলিশ তদন্ত ঘটনা স্থানীয় সূত্রে জানা গিয়েছে এই বিষয়ে কর্তৃপক্ষ ব্যবস্থা নেওয়া হয়েছে বলে দাবি করা হয় ইতিমধ্যে কাজ শুরু হয়েছে
সংবাদ প্রতিবেদন এলাকা জেলা প্রশাসন বাসিন্দা সমস্যা পুলিশ তদন্ত ঘটনা স্থানীয় সূত্রে জানা গিয়েছে এই বিষয়ে কর্তৃপক্ষ ব্যবস্থা নেওয়া হয়েছে বলে দাবি করা হয় ইতিমধ্যে কাজ শুরু হয়েছে সংবাদ প্রতিবেদন এলাকা জেলা প্রশাসন বাসিন্দা সমস্যা পুলিশ তদন্ত ঘটনা স্থানীয় সূত্রে জানা গিয়েছে এই বিষয়ে কর্তৃপক্ষ ব্যবস্থা নেওয়া হয়েছে বলে দাবি করা হয় ইতিমধ্যে কাজ শুরু হয়েছে সংবাদ প্রতিবেদন এলাকা জেলা প্রশাসন বাসিন্দা সমস্যা পুলিশ তদন্ত ঘটনা স্থানীয় সূত্রে জানা গিয়েছে এই বিষয়ে কর্তৃপক্ষ ব্যবস্থা নেওয়া হয়েছে বলে দাবি করা হয় ইতিমধ্যে কাজ শুরু হয়েছে সংবাদ প্রতিবেদন এলাকা জেলা প্রশাসন বাসিন্দা সমস্যা পুলিশ তদন্ত ঘটনা স্থানীয় সূত্রে জানা গিয়েছে এই বিষয়ে কর্তৃপক্ষ ব্যবস্থা নেওয়া হয়েছে বলে দাবি করা হয় ইতিমধ্যে কাজ শুরু হয়েছে সংবাদ প্রতিবেদন এলাকা জেলা প্রশাসন বাসিন্দা সমস্যা পুলিশ তদন্ত ঘটনা স্থানীয় সূত্রে জানা গিয়েছে এই বিষয়ে কর্তৃপক্ষ ব্যবস্থা নেওয়া হয়েছে বলে দাবি করা হয় ইতিমধ্যে কাজ শুরু হয়েছে সংবাদ প্রতিবেদন এলাকা জেলা প্রশাসন বাসিন্দা সমস্যা পুলিশ তদন্ত ঘটনা স্থানীয় সূত্রে জানা গিয়েছে এই বিষয়ে কর্তৃপক্ষ ব্যবস্থা নেওয়া হয়েছে বলে দাবি করা হয় ইতিমধ্যে কাজ শুরু হয়েছে সংবাদ প্রতিবেদন এলাকা জেলা প্রশাসন বাসিন্দা সমস্যা পুলিশ তদন্ত ঘটনা স্থানীয় সূত্রে জানা গিয়েছে এই বিষয়ে কর্তৃপক্ষ ব্যবস্থা নেওয়া হয়েছে বলে দাবি করা হয় ইতিমধ্যে কাজ শুরু হয়েছে সংবাদ প্রতিবেদন এলাকা জেলা প্রশাসন বাসিন্দা সমস্যা পুলিশ তদন্ত ঘটনা স্থানীয় সূত্রে জানা গিয়েছে এই বিষয়ে কর্তৃপক্ষ ব্যবস্থা নেওয়া হয়েছে বলে দাবি করা হয় ইতিমধ্যে কাজ শুরু হয়েছে
নর্দমা করতেই নিজেরাই গ্রাম সাফাইয়ে মহিলারা।	—সুশান্ত পাল
সংবাদ প্রতিবেদন এলাকা জেলা প্রশাসন বাসিন্দা সমস্যা পুলিশ তদন্ত ঘটনা স্থানীয় সূত্রে জানা গিয়েছে এই বিষয়ে কর্তৃপক্ষ ব্যবস্থা নেওয়া হয়েছে বলে দাবি করা হয় ইতিমধ্যে কাজ শুরু হয়েছে সংবাদ প্রতিবেদন এলাকা জেলা প্রশাসন বাসিন্দা সমস্যা পুলিশ তদন্ত ঘটনা স্থানীয় সূত্রে জানা গিয়েছে এই বিষয়ে কর্তৃপক্ষ ব্যবস্থা নেওয়া হয়েছে বলে দাবি করা হয় ইতিমধ্যে কাজ শুরু হয়েছে সংবাদ প্রতিবেদন এলাকা জেলা প্রশাসন বাসিন্দা সমস্যা পুলিশ তদন্ত ঘটনা স্থানীয় সূত্রে জানা গিয়েছে এই বিষয়ে কর্তৃপক্ষ ব্যবস্থা নেওয়া হয়েছে বলে দাবি করা হয় ইতিমধ্যে কাজ শুরু হয়েছে সংবাদ প্রতিবেদন এলাকা জেলা প্রশাসন বাসিন্দা সমস্যা পুলিশ তদন্ত ঘটনা স্থানীয় সূত্রে জানা গিয়েছে এই বিষয়ে কর্তৃপক্ষ ব্যবস্থা নেওয়া হয়েছে বলে দাবি করা হয় ইতিমধ্যে কাজ শুরু হয়েছে সংবাদ প্রতিবেদন এলাকা জেলা প্রশাসন বাসিন্দা সমস্যা পুলিশ তদন্ত ঘটনা স্থানীয় সূত্রে জানা গিয়েছে এই বিষয়ে কর্তৃপক্ষ ব্যবস্থা নেওয়া হয়েছে বলে দাবি করা হয় ইতিমধ্যে কাজ শুরু হয়েছে সংবাদ প্রতিবেদন এলাকা জেলা প্রশাসন বাসিন্দা সমস্যা পুলিশ তদন্ত ঘটনা স্থানীয় সূত্রে জানা গিয়েছে এই বিষয়ে কর্তৃপক্ষ ব্যবস্থা নেওয়া হয়েছে বলে দাবি করা হয় ইতিমধ্যে কাজ শুরু হয়েছে সংবাদ প্রতিবেদন এলাকা জেলা প্রশাসন বাসিন্দা সমস্যা পুলিশ তদন্ত ঘটনা স্থানীয় সূত্রে জানা গিয়েছে এই বিষয়ে কর্তৃপক্ষ ব্যবস্থা নেওয়া হয়েছে বলে দাবি করা হয় ইতিমধ্যে কাজ শুরু হয়েছে সংবাদ প্রতিবেদন এলাকা জেলা প্রশাসন বাসিন্দা সমস্যা পুলিশ তদন্ত ঘটনা স্থানীয় সূত্রে জানা গিয়েছে এই বিষয়ে কর্তৃপক্ষ ব্যবস্থা নেওয়া হয়েছে বলে দাবি করা হয় ইতিমধ্যে কাজ শুরু হয়েছে
